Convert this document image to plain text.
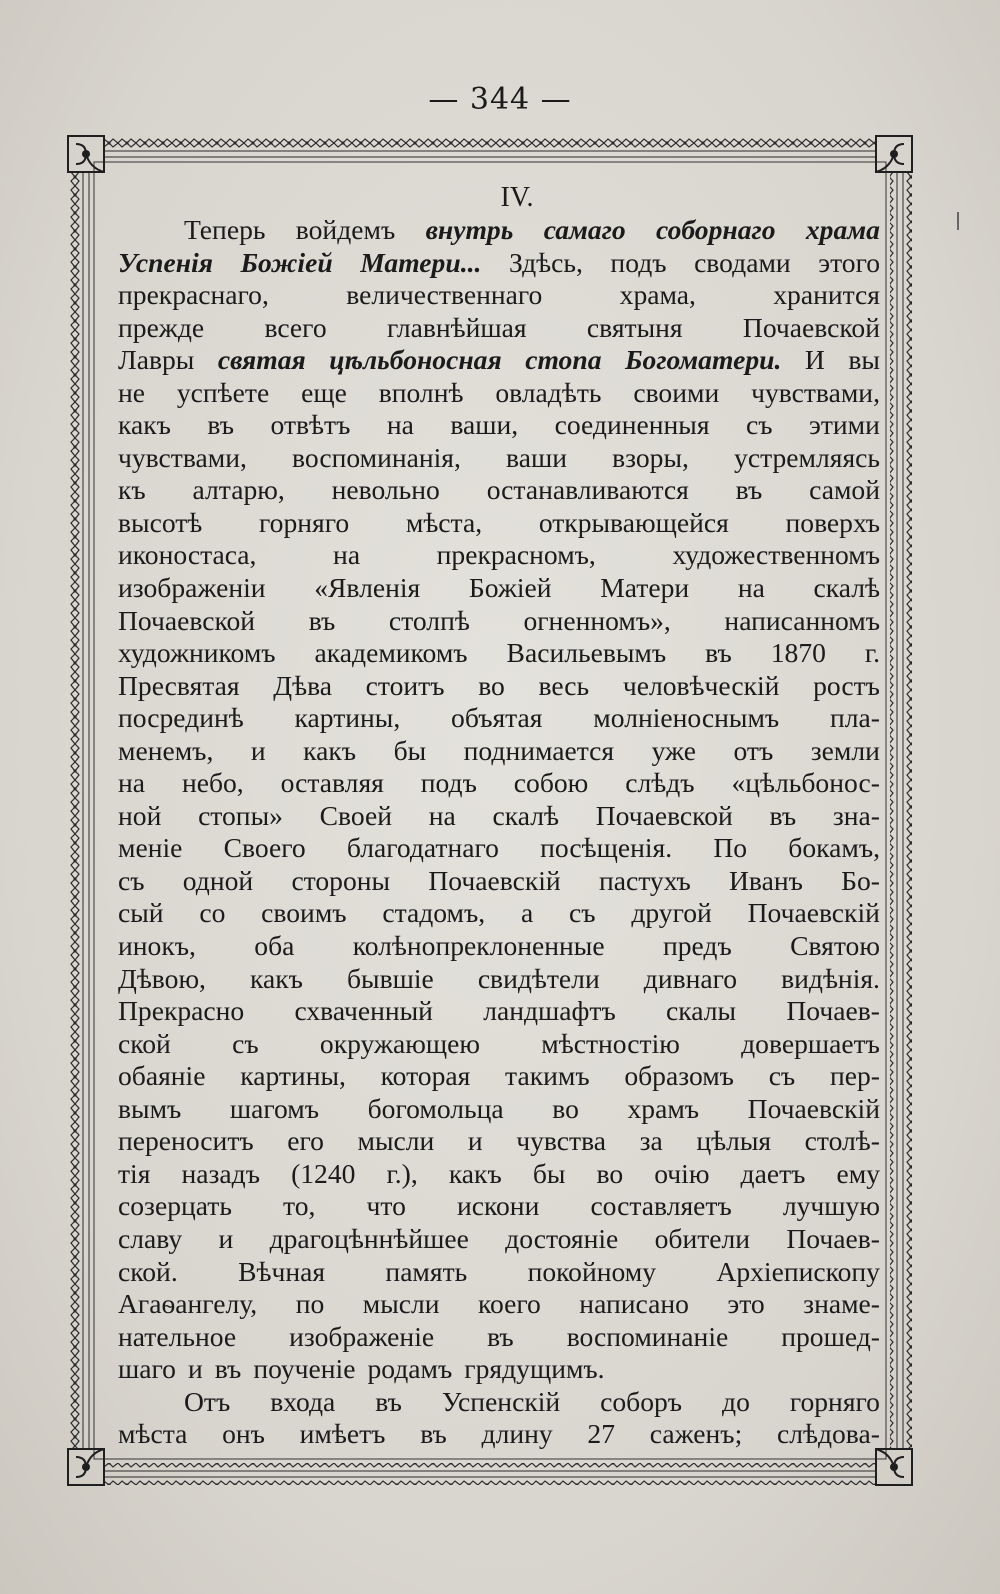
— 344 —
IV.
Теперь войдемъ внутрь самаго соборнаго храма
Успенія Божіей Матери... Здѣсь, подъ сводами этого
прекраснаго,	величественнаго	храма,	хранится
прежде всего главнѣйшая святыня Почаевской
Лавры святая цѣльбоносная стопа Богоматери. И вы
не успѣете еще вполнѣ овладѣть своими чувствами,
какъ въ отвѣтъ на ваши, соединенныя съ этими
чувствами, воспоминанія, ваши взоры, устремляясь
къ алтарю, невольно останавливаются въ самой
высотѣ горняго мѣста, открывающейся поверхъ
иконостаса,	на	прекрасномъ,	художественномъ
изображеніи «Явленія Божіей Матери на скалѣ
Почаевской въ столпѣ огненномъ», написанномъ
художникомъ академикомъ Васильевымъ въ 1870 г.
Пресвятая Дѣва стоитъ во весь человѣческій ростъ
посрединѣ картины, объятая молніеноснымъ пла-
менемъ, и какъ бы поднимается уже отъ земли
на небо, оставляя подъ собою слѣдъ «цѣльбонос-
ной стопы» Своей на скалѣ Почаевской въ зна-
меніе Своего благодатнаго посѣщенія. По бокамъ,
съ одной стороны Почаевскій пастухъ Иванъ Бо-
сый со своимъ стадомъ, а съ другой Почаевскій
инокъ, оба колѣнопреклоненные предъ Святою
Дѣвою, какъ бывшіе свидѣтели дивнаго видѣнія.
Прекрасно схваченный ландшафтъ скалы Почаев-
ской съ окружающею мѣстностію довершаетъ
обаяніе картины, которая такимъ образомъ съ пер-
вымъ шагомъ богомольца во храмъ Почаевскій
переноситъ его мысли и чувства за цѣлыя столѣ-
тія назадъ (1240 г.), какъ бы во очію даетъ ему
созерцать то, что искони составляетъ лучшую
славу и драгоцѣннѣйшее достояніе обители Почаев-
ской. Вѣчная память покойному Архіепископу
Агаѳангелу, по мысли коего написано это знаме-
нательное изображеніе въ воспоминаніе прошед-
шаго и въ поученіе родамъ грядущимъ.
Отъ входа въ Успенскій соборъ до горняго
мѣста онъ имѣетъ въ длину 27 саженъ; слѣдова-
